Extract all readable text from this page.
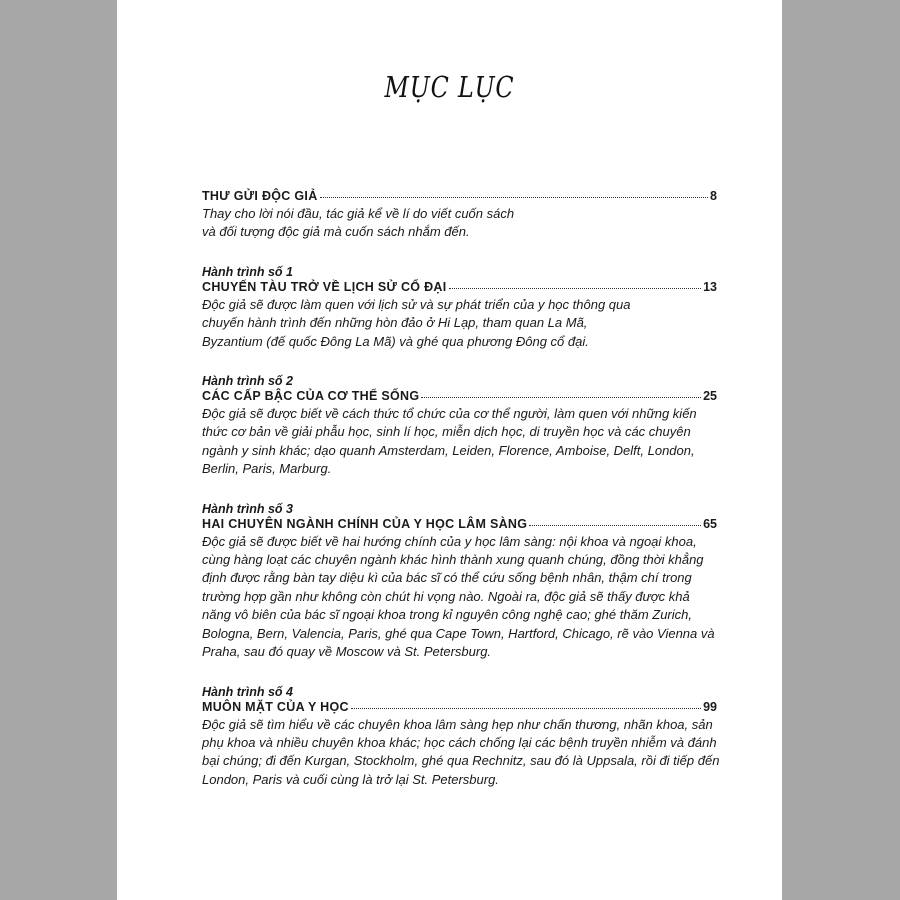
MỤC LỤC
THƯ GỬI ĐỘC GIẢ	8

Thay cho lời nói đầu, tác giả kể về lí do viết cuốn sách
và đối tượng độc giả mà cuốn sách nhắm đến.

Hành trình số 1
CHUYẾN TÀU TRỞ VỀ LỊCH SỬ CỔ ĐẠI	13

Độc giả sẽ được làm quen với lịch sử và sự phát triển của y học thông qua
chuyến hành trình đến những hòn đảo ở Hi Lạp, tham quan La Mã,
Byzantium (đế quốc Đông La Mã) và ghé qua phương Đông cổ đại.

Hành trình số 2
CÁC CẤP BẬC CỦA CƠ THỂ SỐNG	25

Độc giả sẽ được biết về cách thức tổ chức của cơ thể người, làm quen với những kiến
thức cơ bản về giải phẫu học, sinh lí học, miễn dịch học, di truyền học và các chuyên
ngành y sinh khác; dạo quanh Amsterdam, Leiden, Florence, Amboise, Delft, London,
Berlin, Paris, Marburg.

Hành trình số 3
HAI CHUYÊN NGÀNH CHÍNH CỦA Y HỌC LÂM SÀNG	65

Độc giả sẽ được biết về hai hướng chính của y học lâm sàng: nội khoa và ngoại khoa,
cùng hàng loạt các chuyên ngành khác hình thành xung quanh chúng, đồng thời khẳng
định được rằng bàn tay diệu kì của bác sĩ có thể cứu sống bệnh nhân, thậm chí trong
trường hợp gần như không còn chút hi vọng nào. Ngoài ra, độc giả sẽ thấy được khả
năng vô biên của bác sĩ ngoại khoa trong kỉ nguyên công nghệ cao; ghé thăm Zurich,
Bologna, Bern, Valencia, Paris, ghé qua Cape Town, Hartford, Chicago, rẽ vào Vienna và
Praha, sau đó quay về Moscow và St. Petersburg.

Hành trình số 4
MUÔN MẶT CỦA Y HỌC	99

Độc giả sẽ tìm hiểu về các chuyên khoa lâm sàng hẹp như chấn thương, nhãn khoa, sản
phụ khoa và nhiều chuyên khoa khác; học cách chống lại các bệnh truyền nhiễm và đánh
bại chúng; đi đến Kurgan, Stockholm, ghé qua Rechnitz, sau đó là Uppsala, rồi đi tiếp đến
London, Paris và cuối cùng là trở lại St. Petersburg.
